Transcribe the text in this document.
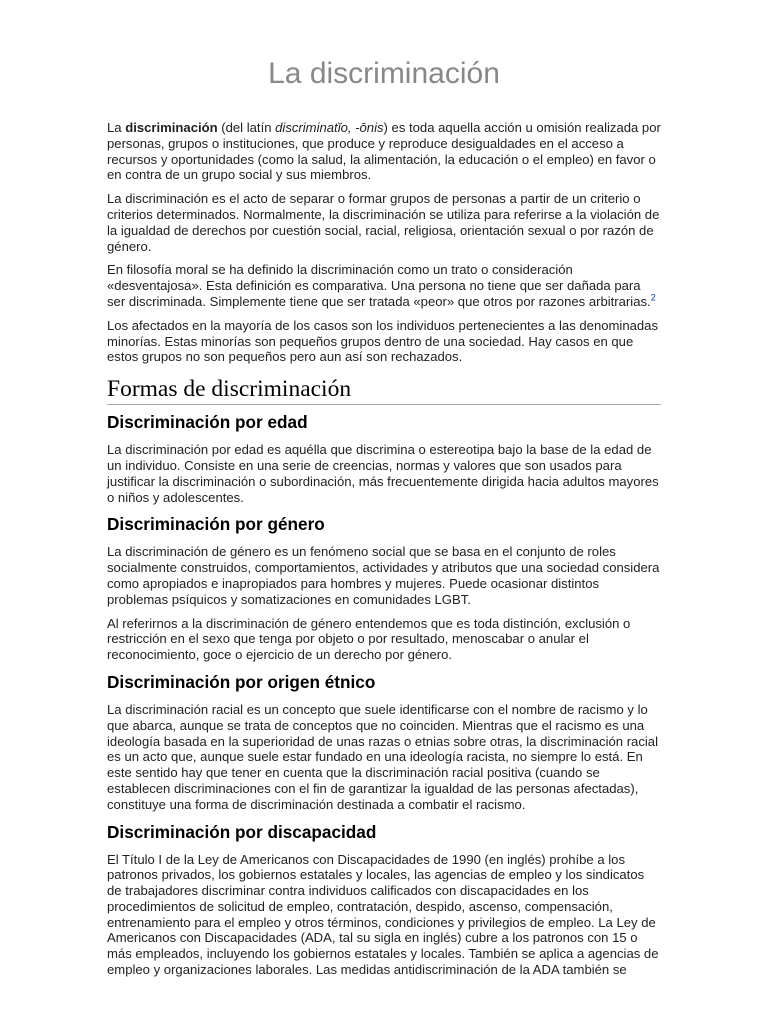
La discriminación

La discriminación (del latín discriminatĭo, -ōnis) es toda aquella acción u omisión realizada por personas, grupos o instituciones, que produce y reproduce desigualdades en el acceso a recursos y oportunidades (como la salud, la alimentación, la educación o el empleo) en favor o en contra de un grupo social y sus miembros.

La discriminación es el acto de separar o formar grupos de personas a partir de un criterio o criterios determinados. Normalmente, la discriminación se utiliza para referirse a la violación de la igualdad de derechos por cuestión social, racial, religiosa, orientación sexual o por razón de género.

En filosofía moral se ha definido la discriminación como un trato o consideración «desventajosa». Esta definición es comparativa. Una persona no tiene que ser dañada para ser discriminada. Simplemente tiene que ser tratada «peor» que otros por razones arbitrarias.$^2$

Los afectados en la mayoría de los casos son los individuos pertenecientes a las denominadas minorías. Estas minorías son pequeños grupos dentro de una sociedad. Hay casos en que estos grupos no son pequeños pero aun así son rechazados.

Formas de discriminación
Discriminación por edad

La discriminación por edad es aquélla que discrimina o estereotipa bajo la base de la edad de un individuo. Consiste en una serie de creencias, normas y valores que son usados para justificar la discriminación o subordinación, más frecuentemente dirigida hacia adultos mayores o niños y adolescentes.

Discriminación por género

La discriminación de género es un fenómeno social que se basa en el conjunto de roles socialmente construidos, comportamientos, actividades y atributos que una sociedad considera como apropiados e inapropiados para hombres y mujeres. Puede ocasionar distintos problemas psíquicos y somatizaciones en comunidades LGBT.

Al referirnos a la discriminación de género entendemos que es toda distinción, exclusión o restricción en el sexo que tenga por objeto o por resultado, menoscabar o anular el reconocimiento, goce o ejercicio de un derecho por género.

Discriminación por origen étnico

La discriminación racial es un concepto que suele identificarse con el nombre de racismo y lo que abarca, aunque se trata de conceptos que no coinciden. Mientras que el racismo es una ideología basada en la superioridad de unas razas o etnias sobre otras, la discriminación racial es un acto que, aunque suele estar fundado en una ideología racista, no siempre lo está. En este sentido hay que tener en cuenta que la discriminación racial positiva (cuando se establecen discriminaciones con el fin de garantizar la igualdad de las personas afectadas), constituye una forma de discriminación destinada a combatir el racismo.

Discriminación por discapacidad

El Título I de la Ley de Americanos con Discapacidades de 1990 (en inglés) prohíbe a los patronos privados, los gobiernos estatales y locales, las agencias de empleo y los sindicatos de trabajadores discriminar contra individuos calificados con discapacidades en los procedimientos de solicitud de empleo, contratación, despido, ascenso, compensación, entrenamiento para el empleo y otros términos, condiciones y privilegios de empleo. La Ley de Americanos con Discapacidades (ADA, tal su sigla en inglés) cubre a los patronos con 15 o más empleados, incluyendo los gobiernos estatales y locales. También se aplica a agencias de empleo y organizaciones laborales. Las medidas antidiscriminación de la ADA también se
